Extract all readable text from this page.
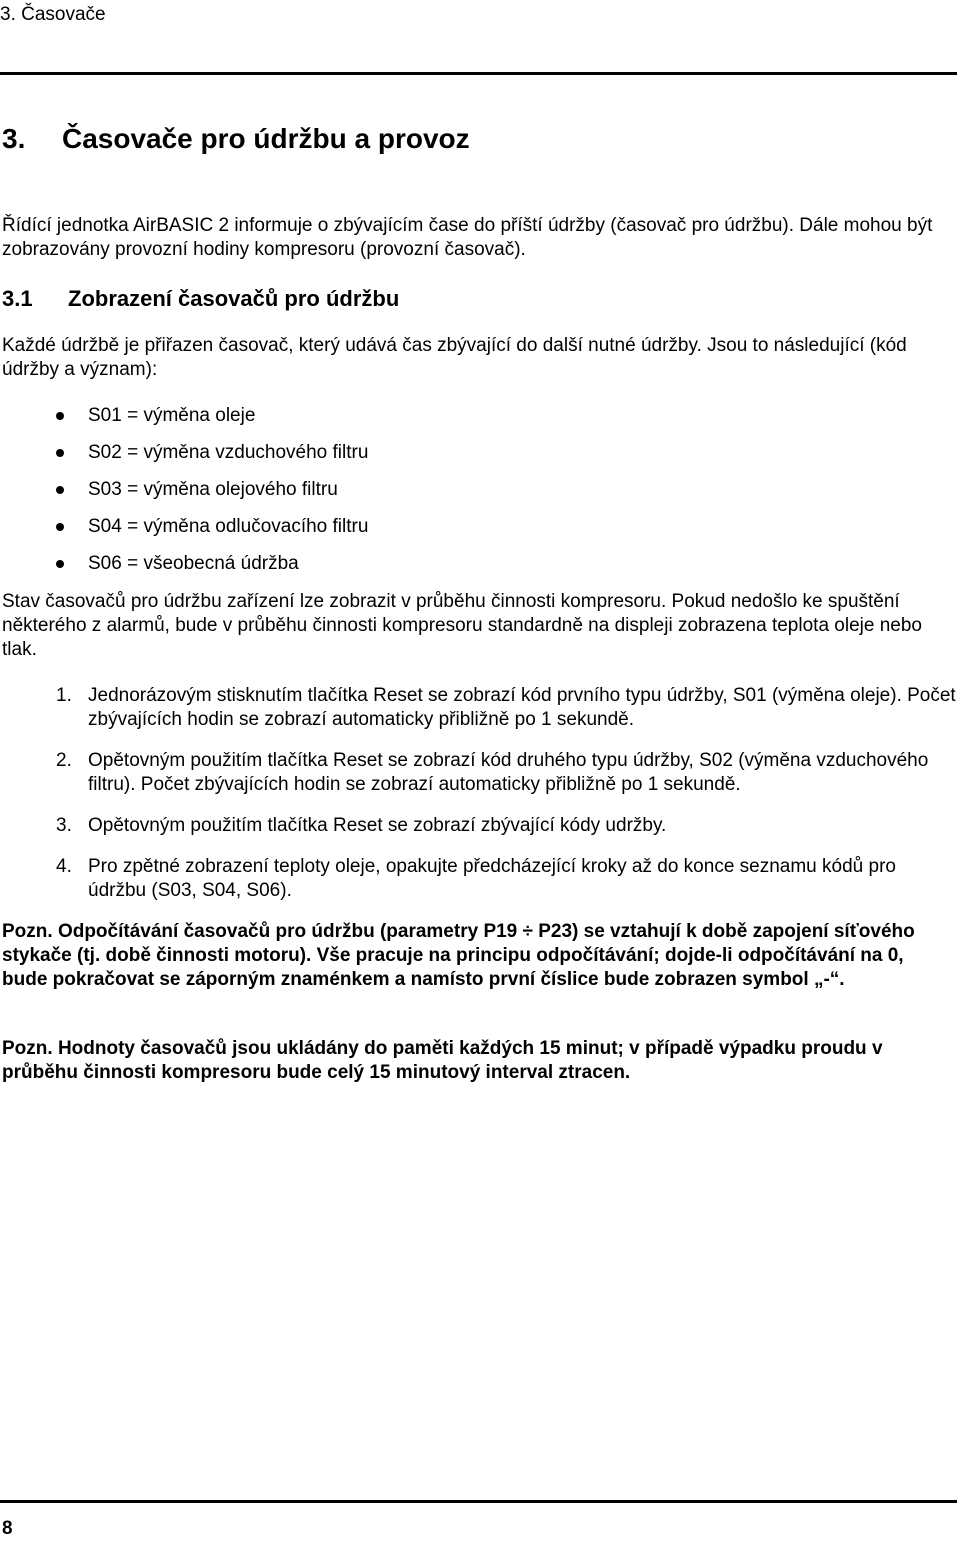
3. Časovače
3. Časovače pro údržbu a provoz
Řídící jednotka AirBASIC 2 informuje o zbývajícím čase do příští údržby (časovač pro údržbu). Dále mohou být zobrazovány provozní hodiny kompresoru (provozní časovač).
3.1 Zobrazení časovačů pro údržbu
Každé údržbě je přiřazen časovač, který udává čas zbývající do další nutné údržby. Jsou to následující (kód údržby a význam):
S01 = výměna oleje
S02 = výměna vzduchového filtru
S03 = výměna olejového filtru
S04 = výměna odlučovacího filtru
S06 = všeobecná údržba
Stav časovačů pro údržbu zařízení lze zobrazit v průběhu činnosti kompresoru. Pokud nedošlo ke spuštění některého z alarmů, bude v průběhu činnosti kompresoru standardně na displeji zobrazena teplota oleje nebo tlak.
1. Jednorázovým stisknutím tlačítka Reset se zobrazí kód prvního typu údržby, S01 (výměna oleje). Počet zbývajících hodin se zobrazí automaticky přibližně po 1 sekundě.
2. Opětovným použitím tlačítka Reset se zobrazí kód druhého typu údržby, S02 (výměna vzduchového filtru). Počet zbývajících hodin se zobrazí automaticky přibližně po 1 sekundě.
3. Opětovným použitím tlačítka Reset se zobrazí zbývající kódy udržby.
4. Pro zpětné zobrazení teploty oleje, opakujte předcházející kroky až do konce seznamu kódů pro údržbu (S03, S04, S06).
Pozn. Odpočítávání časovačů pro údržbu (parametry P19 ÷ P23) se vztahují k době zapojení síťového stykače (tj. době činnosti motoru). Vše pracuje na principu odpočítávání; dojde-li odpočítávání na 0, bude pokračovat se záporným znaménkem a namísto první číslice bude zobrazen symbol „-“.
Pozn. Hodnoty časovačů jsou ukládány do paměti každých 15 minut; v případě výpadku proudu v průběhu činnosti kompresoru bude celý 15 minutový interval ztracen.
8
